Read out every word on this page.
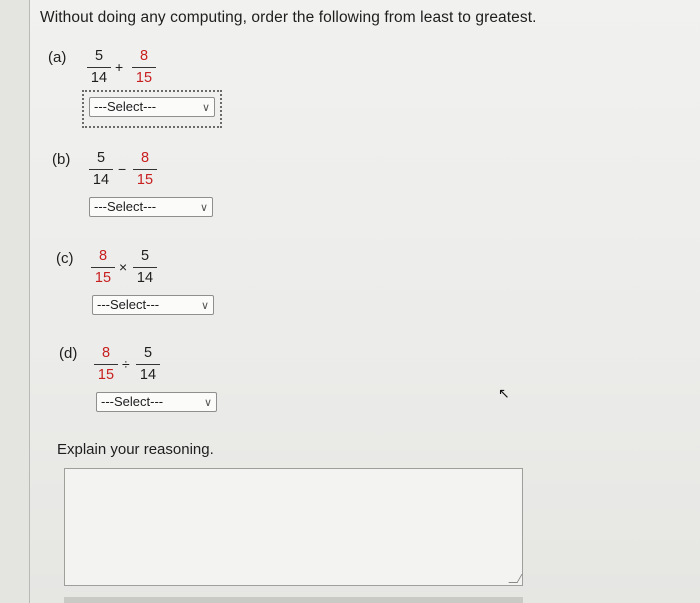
Without doing any computing, order the following from least to greatest.
(a)	5
14
+
8
15
---Select---	∨
(b)	5
14
−
8
15
---Select---	∨
(c)	8
15
×
5
14
---Select---	∨
(d)	8
15
÷
5
14
---Select---	∨
↖
Explain your reasoning.
